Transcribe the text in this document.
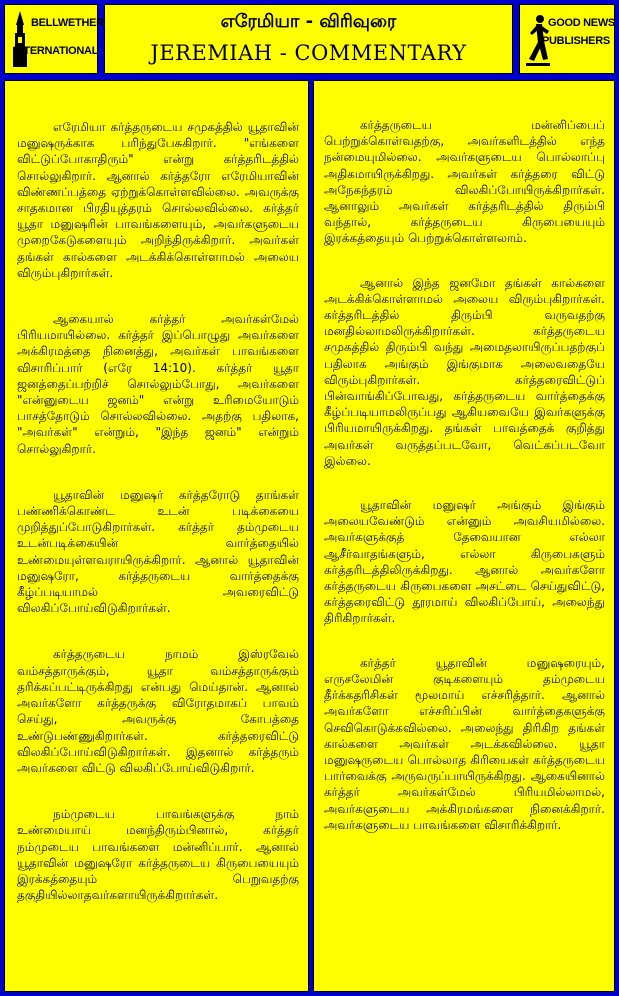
BELLWETHER
INTERNATIONAL
எரேமியா - விரிவுரை
JEREMIAH - COMMENTARY
GOOD NEWS
PUBLISHERS

எரேமியா கர்த்தருடைய சமுகத்தில் யூதாவின் மனுஷருக்காக பரிந்துபேசுகிறார். "எங்களை விட்டுப்போகாதிரும்" என்று கர்த்தரிடத்தில் சொல்லுகிறார். ஆனால் கர்த்தரோ எரேமியாவின் விண்ணப்பத்தை ஏற்றுக்கொள்ளவில்லை. அவருக்கு சாதகமான பிரதியுத்தரம் சொல்லவில்லை. கர்த்தர் யூதா மனுஷரின் பாவங்களையும், அவர்களுடைய முறைகேடுகளையும் அறிந்திருக்கிறார். அவர்கள் தங்கள் கால்களை அடக்கிக்கொள்ளாமல் அலைய விரும்புகிறார்கள்.

ஆகையால் கர்த்தர் அவர்கள்மேல் பிரியமாயில்லை. கர்த்தர் இப்பொழுது அவர்களை அக்கிரமத்தை நினைத்து, அவர்கள் பாவங்களை விசாரிப்பார் (எரே 14:10). கர்த்தர் யூதா ஜனத்தைப்பற்றிச் சொல்லும்போது, அவர்களை "என்னுடைய ஜனம்" என்று உரிமையோடும் பாசத்தோடும் சொல்லவில்லை. அதற்கு பதிலாக, "அவர்கள்" என்றும், "இந்த ஜனம்" என்றும் சொல்லுகிறார்.

யூதாவின் மனுஷர் கர்த்தரோடு தாங்கள் பண்ணிக்கொண்ட உடன் படிக்கையை முறித்துப்போடுகிறார்கள். கர்த்தர் தம்முடைய உடன்படிக்கையின் வார்த்தையில் உண்மையுள்ளவராயிருக்கிறார். ஆனால் யூதாவின் மனுஷரோ, கர்த்தருடைய வார்த்தைக்கு கீழ்ப்படியாமல் அவரைவிட்டு விலகிப்போய்விடுகிறார்கள்.

கர்த்தருடைய நாமம் இஸ்ரவேல் வம்சத்தாருக்கும், யூதா வம்சத்தாருக்கும் தரிக்கப்பட்டிருக்கிறது என்பது மெய்தான். ஆனால் அவர்களோ கர்த்தருக்கு விரோதமாகப் பாவம் செய்து, அவருக்கு கோபத்தை உண்டுபண்ணுகிறார்கள். கர்த்தரைவிட்டு விலகிப்போய்விடுகிறார்கள். இதனால் கர்த்தரும் அவர்களை விட்டு விலகிப்போய்விடுகிறார்.

நம்முடைய பாவங்களுக்கு நாம் உண்மையாய் மனந்திரும்பினால், கர்த்தர் நம்முடைய பாவங்களை மன்னிப்பார். ஆனால் யூதாவின் மனுஷரோ கர்த்தருடைய கிருபையையும் இரக்கத்தையும் பெறுவதற்கு தகுதியில்லாதவர்களாயிருக்கிறார்கள்.

கர்த்தருடைய மன்னிப்பைப் பெற்றுக்கொள்வதற்கு, அவர்களிடத்தில் எந்த நன்மையுமில்லை. அவர்களுடைய பொல்லாப்பு அதிகமாயிருக்கிறது. அவர்கள் கர்த்தரை விட்டு அநேகந்தரம் விலகிப்போயிருக்கிறார்கள். ஆனாலும் அவர்கள் கர்த்தரிடத்தில் திரும்பி வந்தால், கர்த்தருடைய கிருபையையும் இரக்கத்தையும் பெற்றுக்கொள்ளலாம்.

ஆனால் இந்த ஜனமோ தங்கள் கால்களை அடக்கிக்கொள்ளாமல் அலைய விரும்புகிறார்கள். கர்த்தரிடத்தில் திரும்பி வருவதற்கு மனதில்லாமலிருக்கிறார்கள். கர்த்தருடைய சமுகத்தில் திரும்பி வந்து அமைதலாயிருப்பதற்குப் பதிலாக அங்கும் இங்குமாக அலைவதையே விரும்புகிறார்கள். கர்த்தரைவிட்டுப் பின்வாங்கிப்போவது, கர்த்தருடைய வார்த்தைக்கு கீழ்ப்படியாமலிருப்பது ஆகியவையே இவர்களுக்கு பிரியமாயிருக்கிறது. தங்கள் பாவத்தைக் குறித்து அவர்கள் வருத்தப்படவோ, வெட்கப்படவோ இல்லை.

யூதாவின் மனுஷர் அங்கும் இங்கும் அலையவேண்டும் என்னும் அவசியமில்லை. அவர்களுக்குத் தேவையான எல்லா ஆசீர்வாதங்களும், எல்லா கிருபைகளும் கர்த்தரிடத்திலிருக்கிறது. ஆனால் அவர்களோ கர்த்தருடைய கிருபைகளை அசட்டை செய்துவிட்டு, கர்த்தரைவிட்டு தூரமாய் விலகிப்போய், அலைந்து திரிகிறார்கள்.

கர்த்தர் யூதாவின் மனுஷரையும், எருசலேமின் குடிகளையும் தம்முடைய தீர்க்கதரிசிகள் மூலமாய் எச்சரித்தார். ஆனால் அவர்களோ எச்சரிப்பின் வார்த்தைகளுக்கு செவிகொடுக்கவில்லை. அலைந்து திரிகிற தங்கள் கால்களை அவர்கள் அடக்கவில்லை. யூதா மனுஷருடைய பொல்லாத கிரியைகள் கர்த்தருடைய பார்வைக்கு அருவருப்பாயிருக்கிறது. ஆகையினால் கர்த்தர் அவர்கள்மேல் பிரியமில்லாமல், அவர்களுடைய அக்கிரமங்களை நினைக்கிறார். அவர்களுடைய பாவங்களை விசாரிக்கிறார்.
